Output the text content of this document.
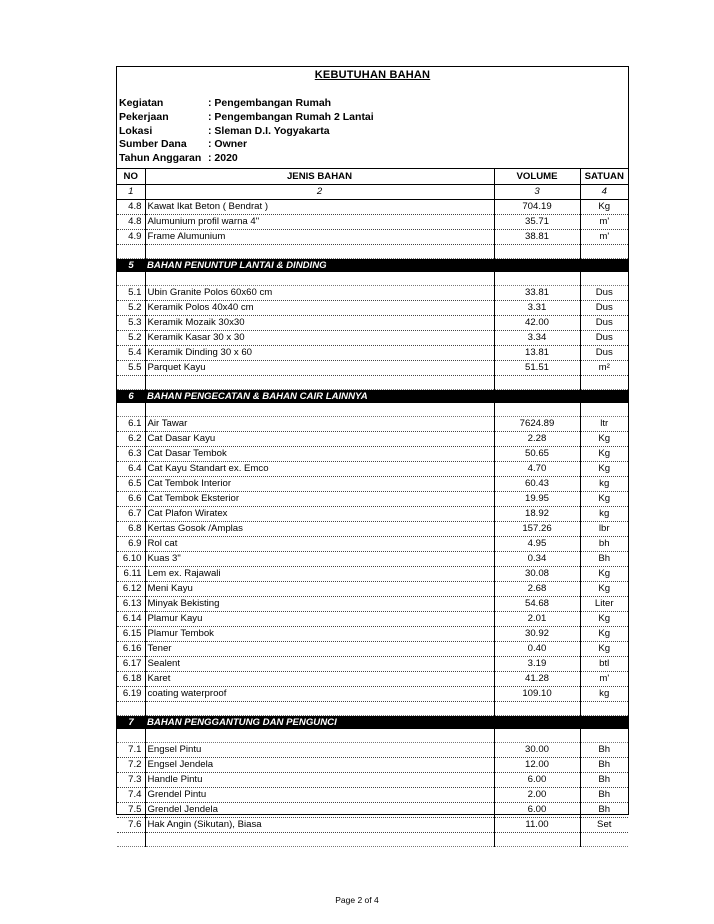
KEBUTUHAN BAHAN
Kegiatan	: Pengembangan Rumah
Pekerjaan	: Pengembangan Rumah 2 Lantai
Lokasi	: Sleman D.I. Yogyakarta
Sumber Dana	: Owner
Tahun Anggaran : 2020
NO	JENIS BAHAN	VOLUME	SATUAN
1	2	3	4
4.8	Kawat Ikat Beton ( Bendrat )	704.19	Kg
4.8	Alumunium profil warna 4"	35.71	m'
4.9	Frame Alumunium	38.81	m'

5	BAHAN PENUNTUP LANTAI & DINDING		

5.1	Ubin Granite Polos 60x60 cm	33.81	Dus
5.2	Keramik Polos 40x40 cm	3.31	Dus
5.3	Keramik Mozaik 30x30	42.00	Dus
5.2	Keramik Kasar 30 x 30	3.34	Dus
5.4	Keramik Dinding 30 x 60	13.81	Dus
5.5	Parquet Kayu	51.51	m²

6	BAHAN PENGECATAN & BAHAN CAIR LAINNYA		

6.1	Air Tawar	7624.89	ltr
6.2	Cat Dasar Kayu	2.28	Kg
6.3	Cat Dasar Tembok	50.65	Kg
6.4	Cat Kayu Standart ex. Emco	4.70	Kg
6.5	Cat Tembok Interior	60.43	kg
6.6	Cat Tembok Eksterior	19.95	Kg
6.7	Cat Plafon Wiratex	18.92	kg
6.8	Kertas Gosok /Amplas	157.26	lbr
6.9	Rol cat	4.95	bh
6.10	Kuas 3"	0.34	Bh
6.11	Lem ex. Rajawali	30.08	Kg
6.12	Meni Kayu	2.68	Kg
6.13	Minyak Bekisting	54.68	Liter
6.14	Plamur Kayu	2.01	Kg
6.15	Plamur Tembok	30.92	Kg
6.16	Tener	0.40	Kg
6.17	Sealent	3.19	btl
6.18	Karet	41.28	m'
6.19	coating waterproof	109.10	kg

7	BAHAN PENGGANTUNG DAN PENGUNCI		

7.1	Engsel Pintu	30.00	Bh
7.2	Engsel Jendela	12.00	Bh
7.3	Handle Pintu	6.00	Bh
7.4	Grendel Pintu	2.00	Bh
7.5	Grendel Jendela	6.00	Bh
7.6	Hak Angin (Sikutan), Biasa	11.00	Set

Page 2 of 4
